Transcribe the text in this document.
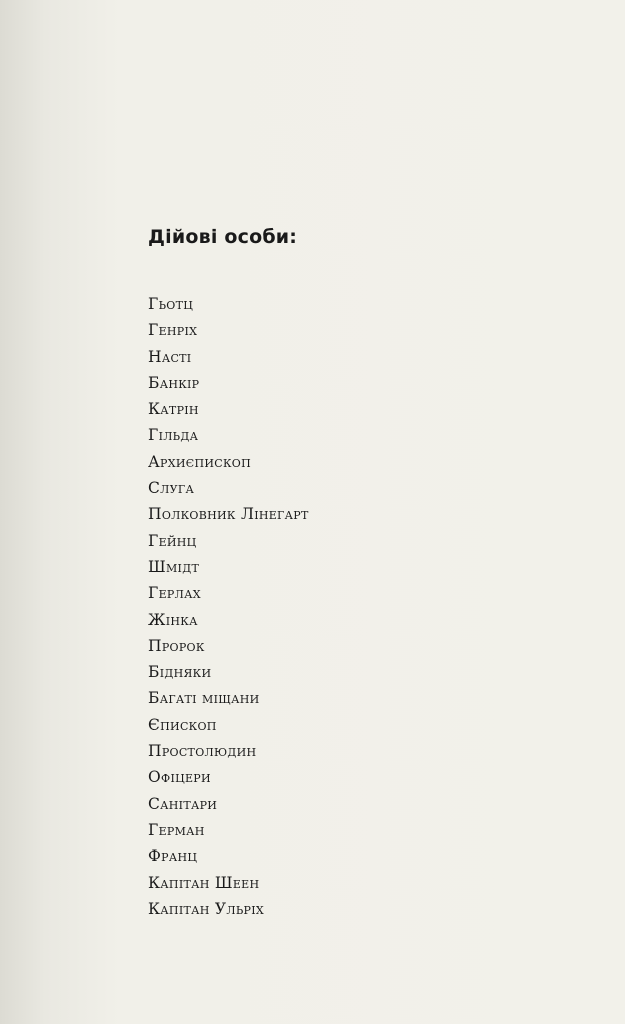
Дійові особи:
Гьотц
Генріх
Насті
Банкір
Катрін
Гільда
Архиєпископ
Слуга
Полковник Лінегарт
Гейнц
Шмідт
Герлах
Жінка
Пророк
Бідняки
Багаті міщани
Єпископ
Простолюдин
Офіцери
Санітари
Герман
Франц
Капітан Шеен
Капітан Ульріх
